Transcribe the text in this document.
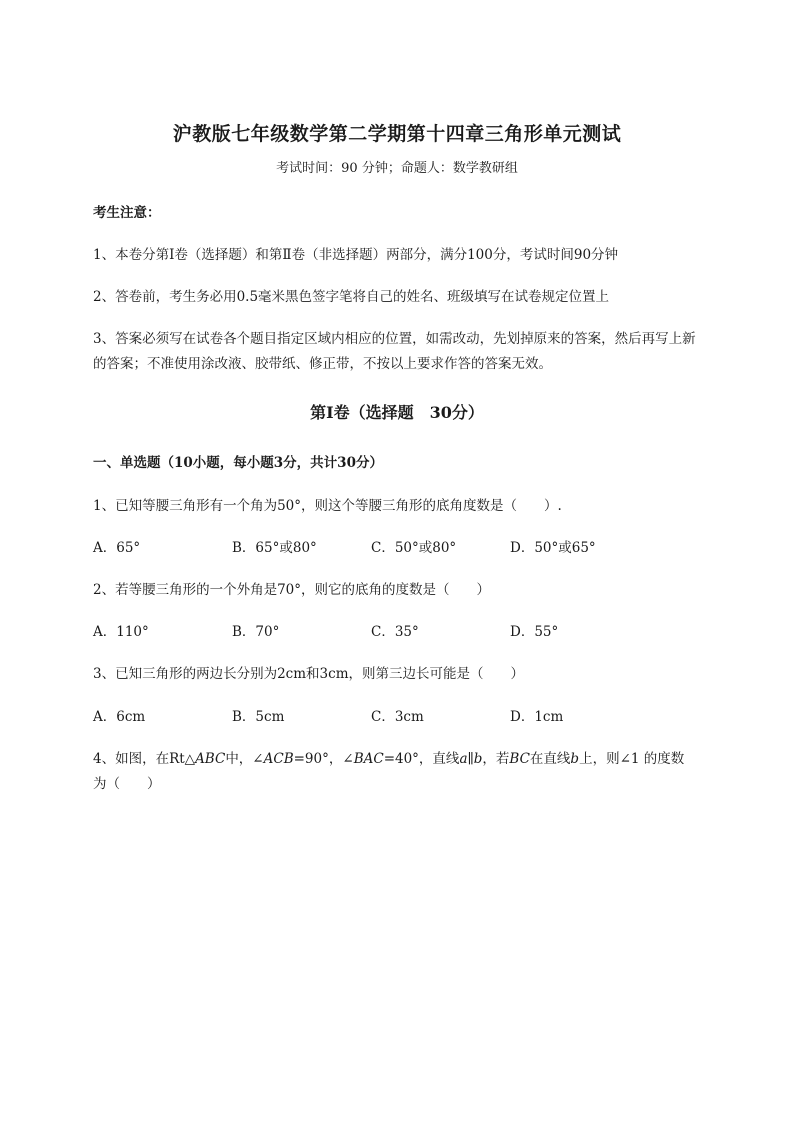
沪教版七年级数学第二学期第十四章三角形单元测试
考试时间：90 分钟；命题人：数学教研组
考生注意：
1、本卷分第Ⅰ卷（选择题）和第Ⅱ卷（非选择题）两部分，满分100分，考试时间90分钟
2、答卷前，考生务必用0.5毫米黑色签字笔将自己的姓名、班级填写在试卷规定位置上
3、答案必须写在试卷各个题目指定区域内相应的位置，如需改动，先划掉原来的答案，然后再写上新
的答案；不准使用涂改液、胶带纸、修正带，不按以上要求作答的答案无效。
第Ⅰ卷（选择题　30分）
一、单选题（10小题，每小题3分，共计30分）
1、已知等腰三角形有一个角为50°，则这个等腰三角形的底角度数是（　　）.
A．65°	B．65°或80°	C．50°或80°	D．50°或65°
2、若等腰三角形的一个外角是70°，则它的底角的度数是（　　）
A．110°	B．70°	C．35°	D．55°
3、已知三角形的两边长分别为2cm和3cm，则第三边长可能是（　　）
A．6cm	B．5cm	C．3cm	D．1cm
4、如图，在Rt△ABC中，∠ACB=90°，∠BAC=40°，直线a∥b，若BC在直线b上，则∠1 的度数
为（　　）
